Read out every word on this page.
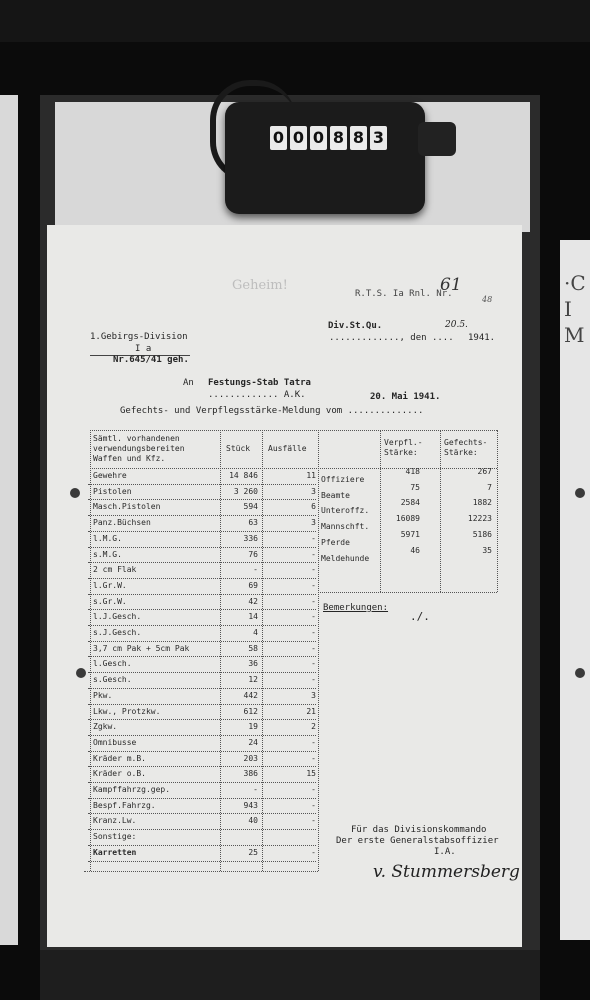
·C
I
M
0 0 0 8 8 3
Geheim!
R.T.S. Ia Rnl. Nr.
61
48
1.Gebirgs-Division
I a
Nr.645/41 geh.
Div.St.Qu.
............., den ....
20.5.
1941.
An Festungs-Stab Tatra
............. A.K.	20. Mai 1941.
Gefechts- und Verpflegsstärke-Meldung vom ..............
Sämtl. vorhandenen verwendungsbereiten Waffen und Kfz.
Stück Ausfälle
Verpfl.- Stärke:
Gefechts- Stärke:
Gewehre	14 846	11
Pistolen	3 260	3
Masch.Pistolen	594	6
Panz.Büchsen	63	3
l.M.G.	336	-
s.M.G.	76	-
2 cm Flak	-	-
l.Gr.W.	69	-
s.Gr.W.	42	-
l.J.Gesch.	14	-
s.J.Gesch.	4	-
3,7 cm Pak + 5cm Pak	58	-
l.Gesch.	36	-
s.Gesch.	12	-
Pkw.	442	3
Lkw., Protzkw.	612	21
Zgkw.	19	2
Omnibusse	24	-
Kräder m.B.	203	-
Kräder o.B.	386	15
Kampffahrzg.gep.	-	-
Bespf.Fahrzg.	943	-
Kranz.Lw.	40	-
Sonstige:
Karretten	25	-
Offiziere
418	267
Beamte
75	7
Unteroffz.
2584	1882
Mannschft.
16089	12223
Pferde
5971	5186
Meldehunde
46	35
Bemerkungen:
./.
Für das Divisionskommando
Der erste Generalstabsoffizier
I.A.
v. Stummersberg
